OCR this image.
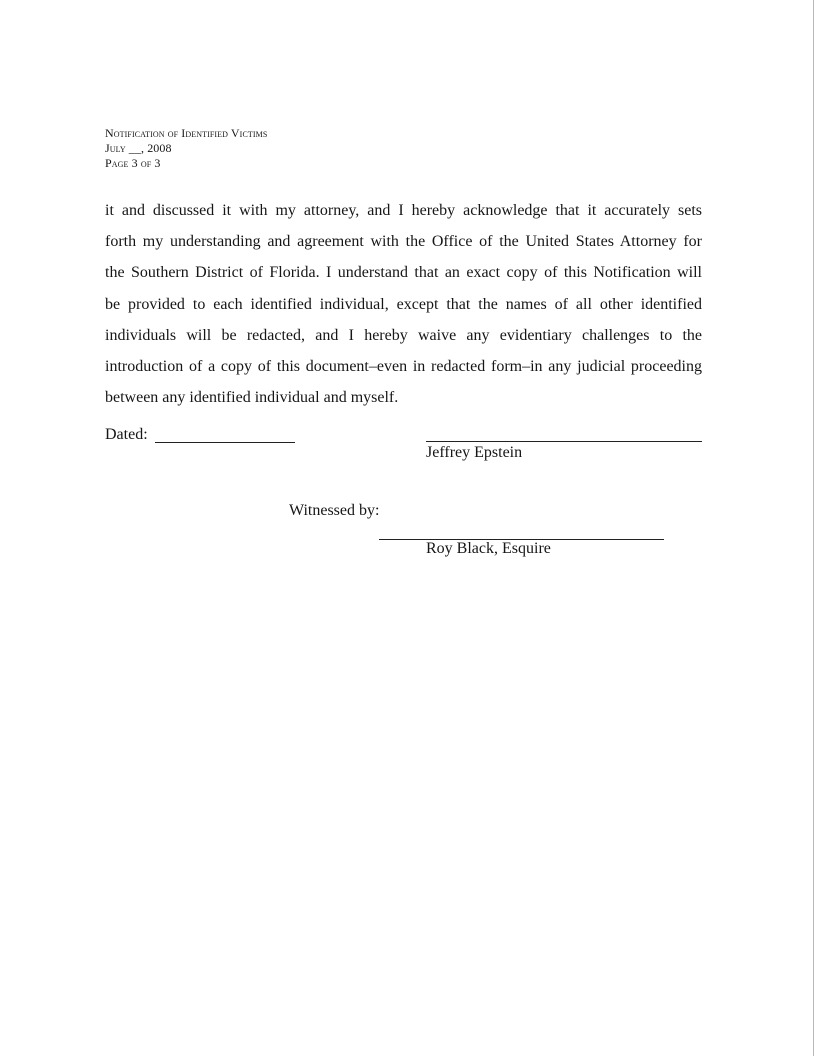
Notification of Identified Victims
July __, 2008
Page 3 of 3

it and discussed it with my attorney, and I hereby acknowledge that it accurately sets
forth my understanding and agreement with the Office of the United States Attorney for
the Southern District of Florida. I understand that an exact copy of this Notification will
be provided to each identified individual, except that the names of all other identified
individuals will be redacted, and I hereby waive any evidentiary challenges to the
introduction of a copy of this document–even in redacted form–in any judicial proceeding
between any identified individual and myself.

Dated:
Jeffrey Epstein
Witnessed by:
Roy Black, Esquire
